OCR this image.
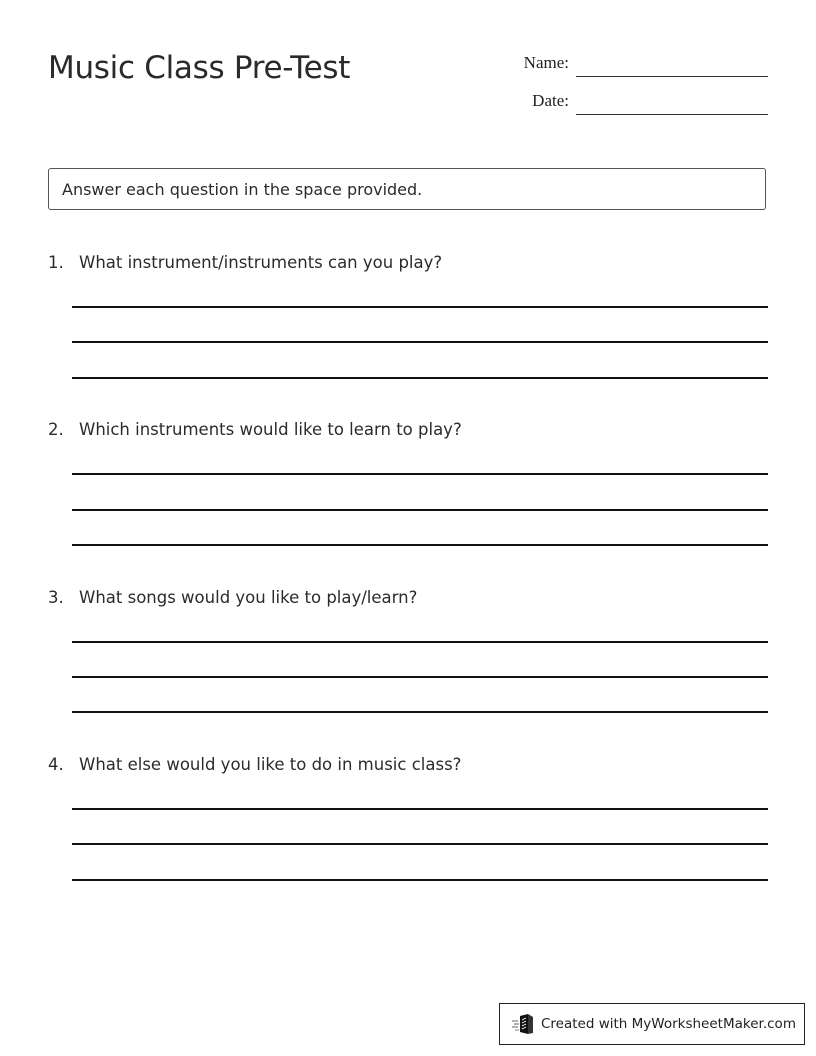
Music Class Pre-Test	Name:
Date:
Answer each question in the space provided.
1. What instrument/instruments can you play?
2. Which instruments would like to learn to play?
3. What songs would you like to play/learn?
4. What else would you like to do in music class?
Created with MyWorksheetMaker.com
